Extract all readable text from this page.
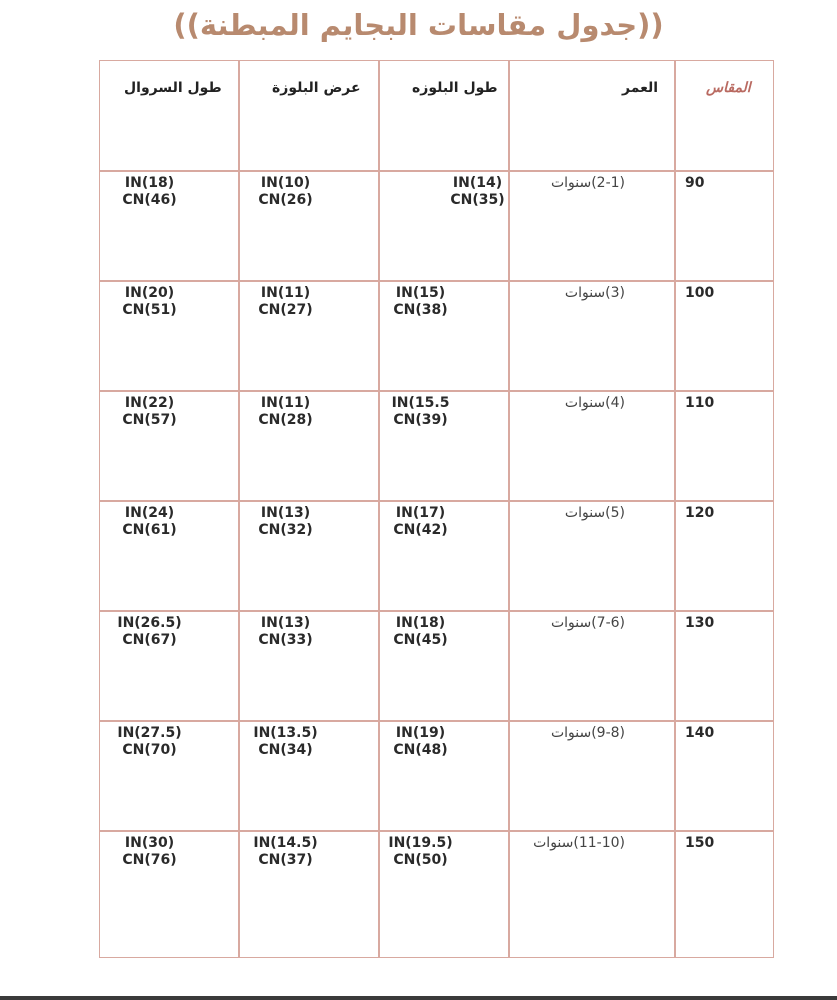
((جدول مقاسات البجايم المبطنة))
المقاس
العمر
طول البلوزه
عرض البلوزة
طول السروال
90
(2-1)سنوات
IN(14)
CN(35)
IN(10)
CN(26)
IN(18)
CN(46)
100
(3)سنوات
IN(15)
CN(38)
IN(11)
CN(27)
IN(20)
CN(51)
110
(4)سنوات
IN(15.5
CN(39)
IN(11)
CN(28)
IN(22)
CN(57)
120
(5)سنوات
IN(17)
CN(42)
IN(13)
CN(32)
IN(24)
CN(61)
130
(7-6)سنوات
IN(18)
CN(45)
IN(13)
CN(33)
IN(26.5)
CN(67)
140
(9-8)سنوات
IN(19)
CN(48)
IN(13.5)
CN(34)
IN(27.5)
CN(70)
150
(11-10)سنوات
IN(19.5)
CN(50)
IN(14.5)
CN(37)
IN(30)
CN(76)
